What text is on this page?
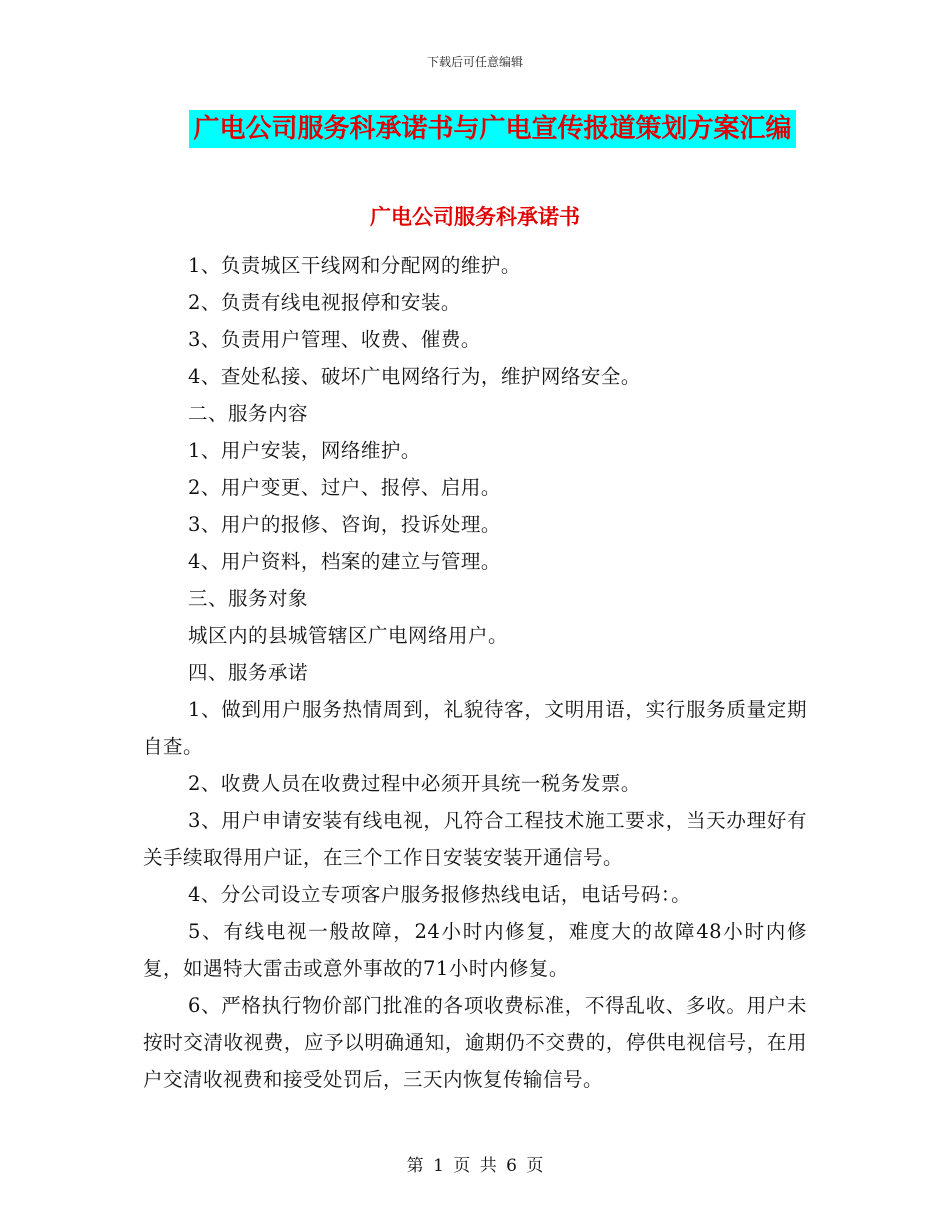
下载后可任意编辑
广电公司服务科承诺书与广电宣传报道策划方案汇编
广电公司服务科承诺书

1、负责城区干线网和分配网的维护。

2、负责有线电视报停和安装。

3、负责用户管理、收费、催费。

4、查处私接、破坏广电网络行为，维护网络安全。

二、服务内容

1、用户安装，网络维护。

2、用户变更、过户、报停、启用。

3、用户的报修、咨询，投诉处理。

4、用户资料，档案的建立与管理。

三、服务对象

城区内的县城管辖区广电网络用户。

四、服务承诺

1、做到用户服务热情周到，礼貌待客，文明用语，实行服务质量定期自查。

2、收费人员在收费过程中必须开具统一税务发票。

3、用户申请安装有线电视，凡符合工程技术施工要求，当天办理好有关手续取得用户证，在三个工作日安装安装开通信号。

4、分公司设立专项客户服务报修热线电话，电话号码：。

5、有线电视一般故障，24小时内修复，难度大的故障48小时内修复，如遇特大雷击或意外事故的71小时内修复。

6、严格执行物价部门批准的各项收费标准，不得乱收、多收。用户未按时交清收视费，应予以明确通知，逾期仍不交费的，停供电视信号，在用户交清收视费和接受处罚后，三天内恢复传输信号。

第 1 页 共 6 页
